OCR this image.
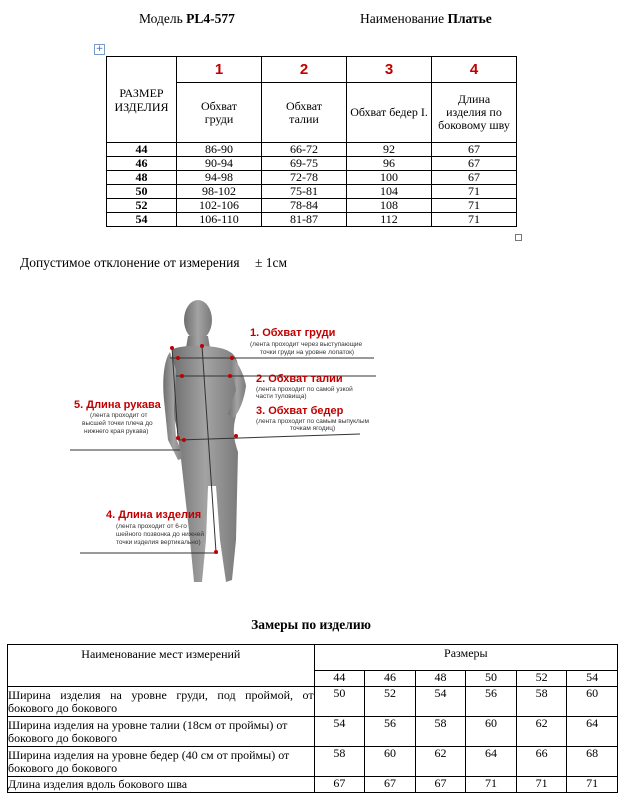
Модель PL4-577	Наименование Платье
+
РАЗМЕР ИЗДЕЛИЯ	1	2	3	4
	Обхват груди	Обхват талии	Обхват бедер I.	Длина изделия по боковому шву
44	86-90	66-72	92	67
46	90-94	69-75	96	67
48	94-98	72-78	100	67
50	98-102	75-81	104	71
52	102-106	78-84	108	71
54	106-110	81-87	112	71
Допустимое отклонение от измерения ± 1см
1. Обхват груди
(лента проходит через выступающие
точки груди на уровне лопаток)
2. Обхват талии
(лента проходит по самой узкой
части туловища)
3. Обхват бедер
(лента проходит по самым выпуклым
точкам ягодиц)
4. Длина изделия
(лента проходит от 6-го
шейного позвонка до нижней
точки изделия вертикально)
5. Длина рукава
(лента проходит от
высшей точки плеча до
нижнего края рукава)
Замеры по изделию
Наименование мест измерений	Размеры					
	44	46	48	50	52	54
Ширина изделия на уровне груди, под проймой, от бокового до бокового	50	52	54	56	58	60
Ширина изделия на уровне талии (18см от проймы) от бокового до бокового	54	56	58	60	62	64
Ширина изделия на уровне бедер (40 см от проймы) от бокового до бокового	58	60	62	64	66	68
Длина изделия вдоль бокового шва	67	67	67	71	71	71
